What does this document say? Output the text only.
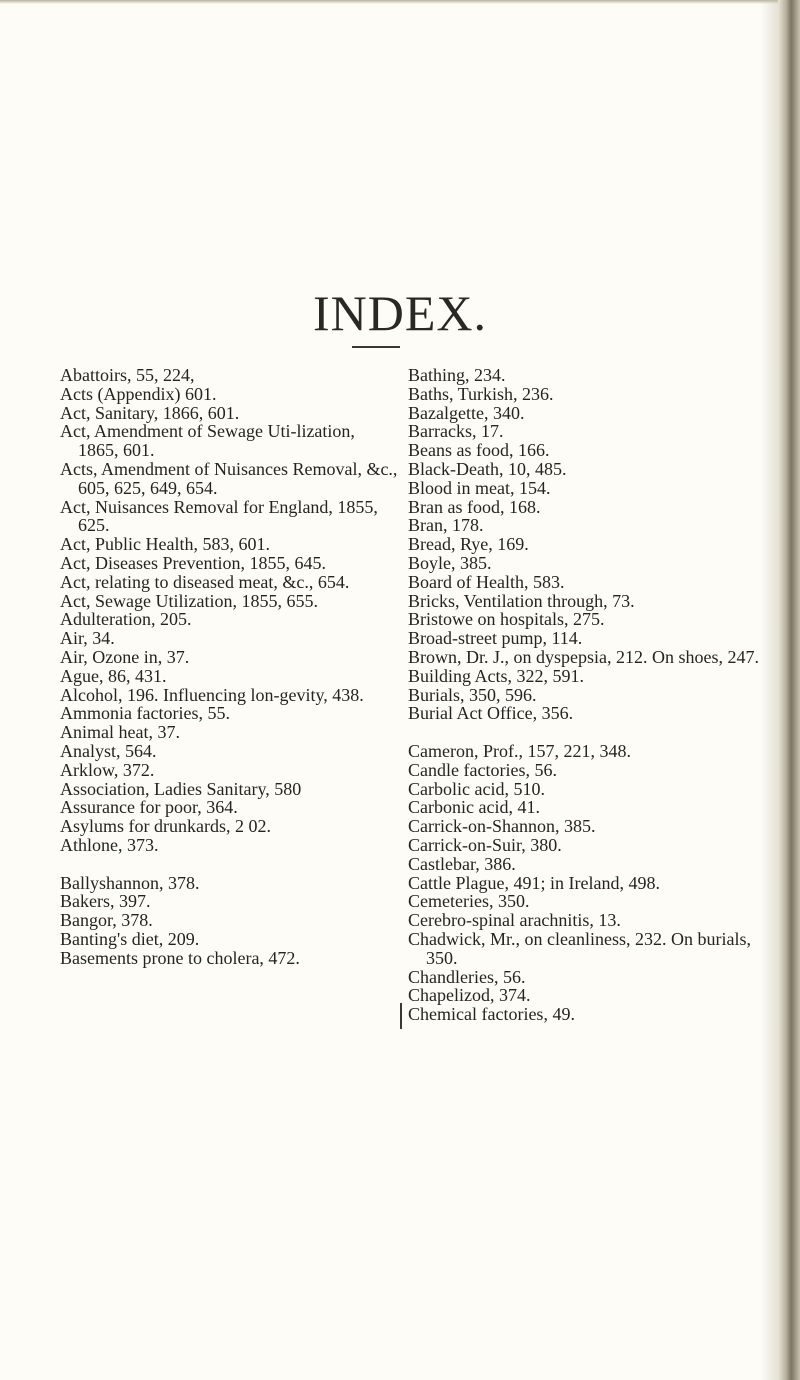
INDEX.
Abattoirs, 55, 224,
Acts (Appendix) 601.
Act, Sanitary, 1866, 601.
Act, Amendment of Sewage Uti-lization, 1865, 601.
Acts, Amendment of Nuisances Removal, &c., 605, 625, 649, 654.
Act, Nuisances Removal for England, 1855, 625.
Act, Public Health, 583, 601.
Act, Diseases Prevention, 1855, 645.
Act, relating to diseased meat, &c., 654.
Act, Sewage Utilization, 1855, 655.
Adulteration, 205.
Air, 34.
Air, Ozone in, 37.
Ague, 86, 431.
Alcohol, 196. Influencing lon-gevity, 438.
Ammonia factories, 55.
Animal heat, 37.
Analyst, 564.
Arklow, 372.
Association, Ladies Sanitary, 580
Assurance for poor, 364.
Asylums for drunkards, 2 02.
Athlone, 373.
Ballyshannon, 378.
Bakers, 397.
Bangor, 378.
Banting's diet, 209.
Basements prone to cholera, 472.
Bathing, 234.
Baths, Turkish, 236.
Bazalgette, 340.
Barracks, 17.
Beans as food, 166.
Black-Death, 10, 485.
Blood in meat, 154.
Bran as food, 168.
Bran, 178.
Bread, Rye, 169.
Boyle, 385.
Board of Health, 583.
Bricks, Ventilation through, 73.
Bristowe on hospitals, 275.
Broad-street pump, 114.
Brown, Dr. J., on dyspepsia, 212. On shoes, 247.
Building Acts, 322, 591.
Burials, 350, 596.
Burial Act Office, 356.
Cameron, Prof., 157, 221, 348.
Candle factories, 56.
Carbolic acid, 510.
Carbonic acid, 41.
Carrick-on-Shannon, 385.
Carrick-on-Suir, 380.
Castlebar, 386.
Cattle Plague, 491; in Ireland, 498.
Cemeteries, 350.
Cerebro-spinal arachnitis, 13.
Chadwick, Mr., on cleanliness, 232. On burials, 350.
Chandleries, 56.
Chapelizod, 374.
Chemical factories, 49.
